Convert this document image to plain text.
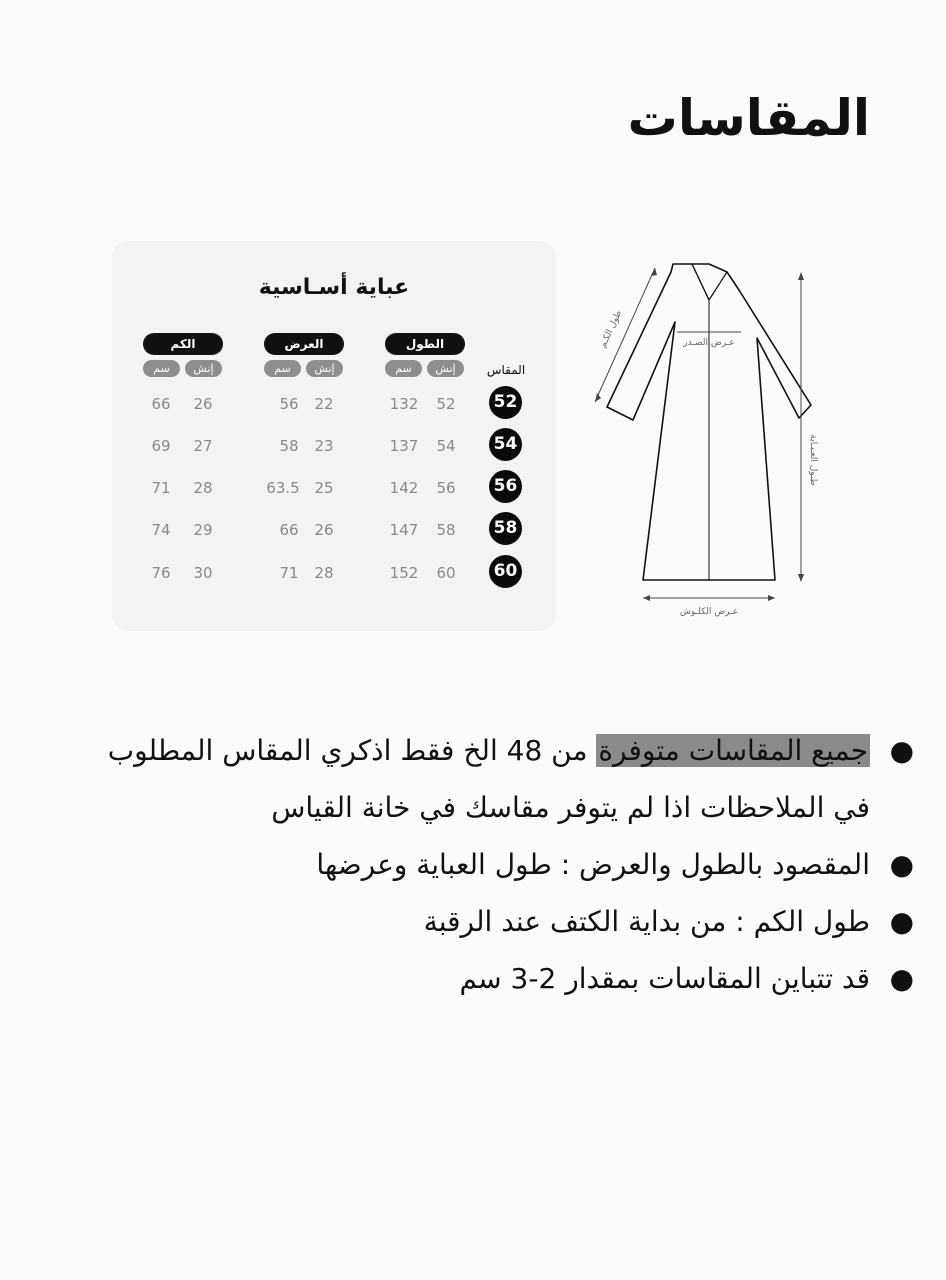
المقاسات
عباية أسـاسية
الطول
العرض
الكم
إنش
سم
إنش
سم
إنش
سم	المقاس
52
52
132
22
56
26
66
54
54
137
23
58
27
69
56
56
142
25
63.5
28
71
58
58
147
26
66
29
74
60
60
152
28
71
30
76
عـرض الصـدر
عـرض الكلـوش
طول الكـم
طـول العـبـاية
●
جميع المقاسات متوفرة من 48 الخ فقط اذكري المقاس المطلوب في الملاحظات اذا لم يتوفر مقاسك في خانة القياس
●
المقصود بالطول والعرض : طول العباية وعرضها
●
طول الكم : من بداية الكتف عند الرقبة
●
قد تتباين المقاسات بمقدار 2-3 سم
